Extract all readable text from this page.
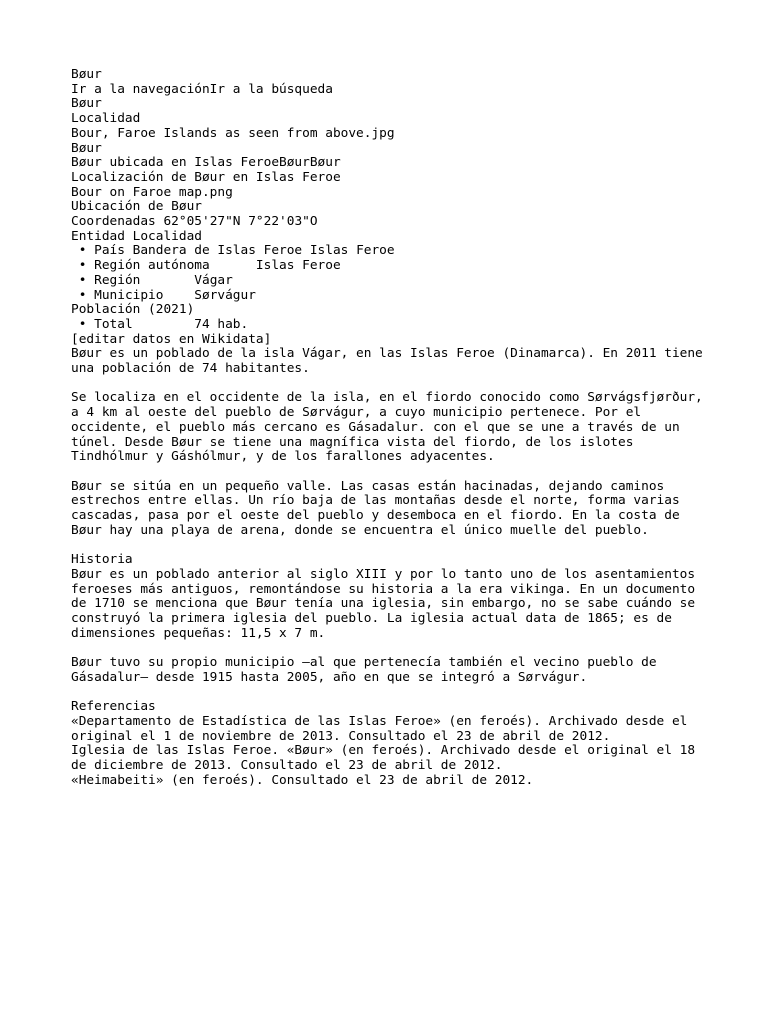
Bøur
Ir a la navegaciónIr a la búsqueda
Bøur
Localidad
Bour, Faroe Islands as seen from above.jpg
Bøur
Bøur ubicada en Islas FeroeBøurBøur
Localización de Bøur en Islas Feroe
Bour on Faroe map.png
Ubicación de Bøur
Coordenadas 62°05'27"N 7°22'03"O
Entidad	Localidad
• País	Bandera de Islas Feroe Islas Feroe
• Región autónoma		Islas Feroe
• Región		Vágar
• Municipio	Sørvágur
Población (2021)
• Total		74 hab.
[editar datos en Wikidata]
Bøur es un poblado de la isla Vágar, en las Islas Feroe (Dinamarca). En 2011 tiene
una población de 74 habitantes.
Se localiza en el occidente de la isla, en el fiordo conocido como Sørvágsfjørður,
a 4 km al oeste del pueblo de Sørvágur, a cuyo municipio pertenece. Por el
occidente, el pueblo más cercano es Gásadalur. con el que se une a través de un
túnel. Desde Bøur se tiene una magnífica vista del fiordo, de los islotes
Tindhólmur y Gáshólmur, y de los farallones adyacentes.
Bøur se sitúa en un pequeño valle. Las casas están hacinadas, dejando caminos
estrechos entre ellas. Un río baja de las montañas desde el norte, forma varias
cascadas, pasa por el oeste del pueblo y desemboca en el fiordo. En la costa de
Bøur hay una playa de arena, donde se encuentra el único muelle del pueblo.
Historia
Bøur es un poblado anterior al siglo XIII y por lo tanto uno de los asentamientos
feroeses más antiguos, remontándose su historia a la era vikinga. En un documento
de 1710 se menciona que Bøur tenía una iglesia, sin embargo, no se sabe cuándo se
construyó la primera iglesia del pueblo. La iglesia actual data de 1865; es de
dimensiones pequeñas: 11,5 x 7 m.
Bøur tuvo su propio municipio —al que pertenecía también el vecino pueblo de
Gásadalur— desde 1915 hasta 2005, año en que se integró a Sørvágur.
Referencias
«Departamento de Estadística de las Islas Feroe» (en feroés). Archivado desde el
original el 1 de noviembre de 2013. Consultado el 23 de abril de 2012.
Iglesia de las Islas Feroe. «Bøur» (en feroés). Archivado desde el original el 18
de diciembre de 2013. Consultado el 23 de abril de 2012.
«Heimabeiti» (en feroés). Consultado el 23 de abril de 2012.
